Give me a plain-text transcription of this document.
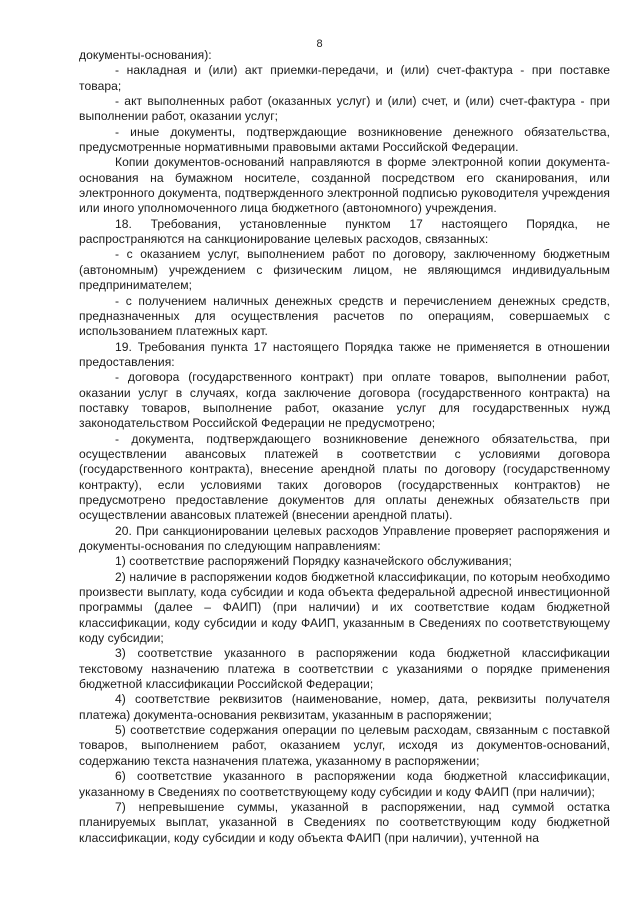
8

документы-основания):

- накладная и (или) акт приемки-передачи, и (или) счет-фактура - при поставке товара;

- акт выполненных работ (оказанных услуг) и (или) счет, и (или) счет-фактура - при выполнении работ, оказании услуг;

- иные документы, подтверждающие возникновение денежного обязательства, предусмотренные нормативными правовыми актами Российской Федерации.

Копии документов-оснований направляются в форме электронной копии документа-основания на бумажном носителе, созданной посредством его сканирования, или электронного документа, подтвержденного электронной подписью руководителя учреждения или иного уполномоченного лица бюджетного (автономного) учреждения.

18. Требования, установленные пунктом 17 настоящего Порядка, не распространяются на санкционирование целевых расходов, связанных:

- с оказанием услуг, выполнением работ по договору, заключенному бюджетным (автономным) учреждением с физическим лицом, не являющимся индивидуальным предпринимателем;

- с получением наличных денежных средств и перечислением денежных средств, предназначенных для осуществления расчетов по операциям, совершаемых с использованием платежных карт.

19. Требования пункта 17 настоящего Порядка также не применяется в отношении предоставления:

- договора (государственного контракт) при оплате товаров, выполнении работ, оказании услуг в случаях, когда заключение договора (государственного контракта) на поставку товаров, выполнение работ, оказание услуг для государственных нужд законодательством Российской Федерации не предусмотрено;

- документа, подтверждающего возникновение денежного обязательства, при осуществлении авансовых платежей в соответствии с условиями договора (государственного контракта), внесение арендной платы по договору (государственному контракту), если условиями таких договоров (государственных контрактов) не предусмотрено предоставление документов для оплаты денежных обязательств при осуществлении авансовых платежей (внесении арендной платы).

20. При санкционировании целевых расходов Управление проверяет распоряжения и документы-основания по следующим направлениям:

1) соответствие распоряжений Порядку казначейского обслуживания;

2) наличие в распоряжении кодов бюджетной классификации, по которым необходимо произвести выплату, кода субсидии и кода объекта федеральной адресной инвестиционной программы (далее – ФАИП) (при наличии) и их соответствие кодам бюджетной классификации, коду субсидии и коду ФАИП, указанным в Сведениях по соответствующему коду субсидии;

3) соответствие указанного в распоряжении кода бюджетной классификации текстовому назначению платежа в соответствии с указаниями о порядке применения бюджетной классификации Российской Федерации;

4) соответствие реквизитов (наименование, номер, дата, реквизиты получателя платежа) документа-основания реквизитам, указанным в распоряжении;

5) соответствие содержания операции по целевым расходам, связанным с поставкой товаров, выполнением работ, оказанием услуг, исходя из документов-оснований, содержанию текста назначения платежа, указанному в распоряжении;

6) соответствие указанного в распоряжении кода бюджетной классификации, указанному в Сведениях по соответствующему коду субсидии и коду ФАИП (при наличии);

7) непревышение суммы, указанной в распоряжении, над суммой остатка планируемых выплат, указанной в Сведениях по соответствующим коду бюджетной классификации, коду субсидии и коду объекта ФАИП (при наличии), учтенной на
